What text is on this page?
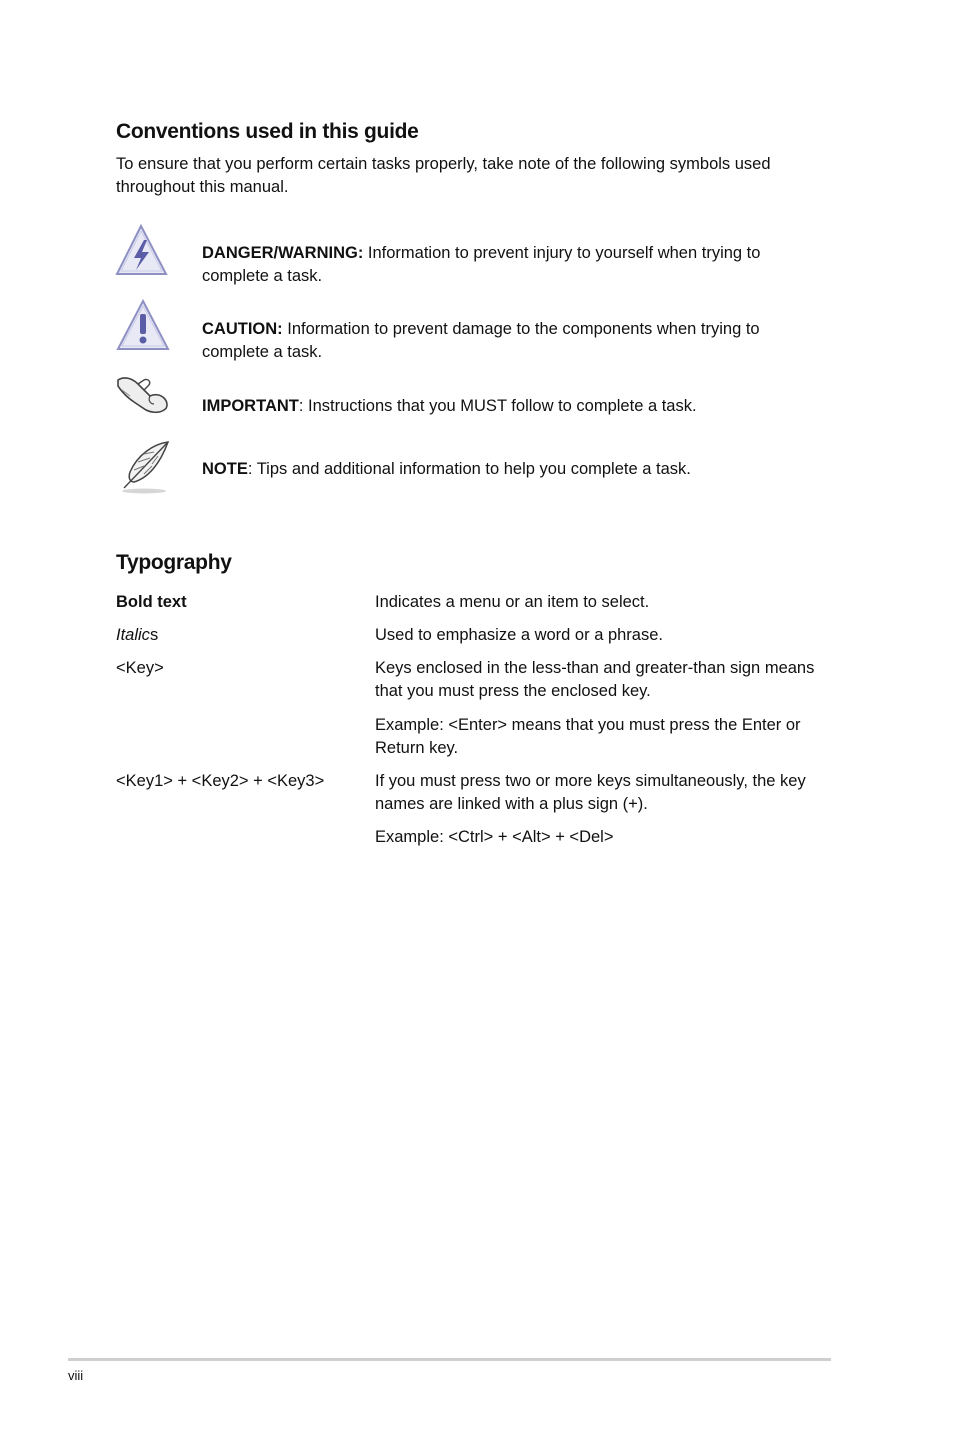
Conventions used in this guide
To ensure that you perform certain tasks properly, take note of the following symbols used throughout this manual.
DANGER/WARNING: Information to prevent injury to yourself when trying to complete a task.
CAUTION: Information to prevent damage to the components when trying to complete a task.
IMPORTANT: Instructions that you MUST follow to complete a task.
NOTE: Tips and additional information to help you complete a task.
Typography
Bold text	Indicates a menu or an item to select.
Italics	Used to emphasize a word or a phrase.
<Key>	Keys enclosed in the less-than and greater-than sign means that you must press the enclosed key.
Example: <Enter> means that you must press the Enter or Return key.
<Key1> + <Key2> + <Key3>	If you must press two or more keys simultaneously, the key names are linked with a plus sign (+).
Example: <Ctrl> + <Alt> + <Del>
viii
